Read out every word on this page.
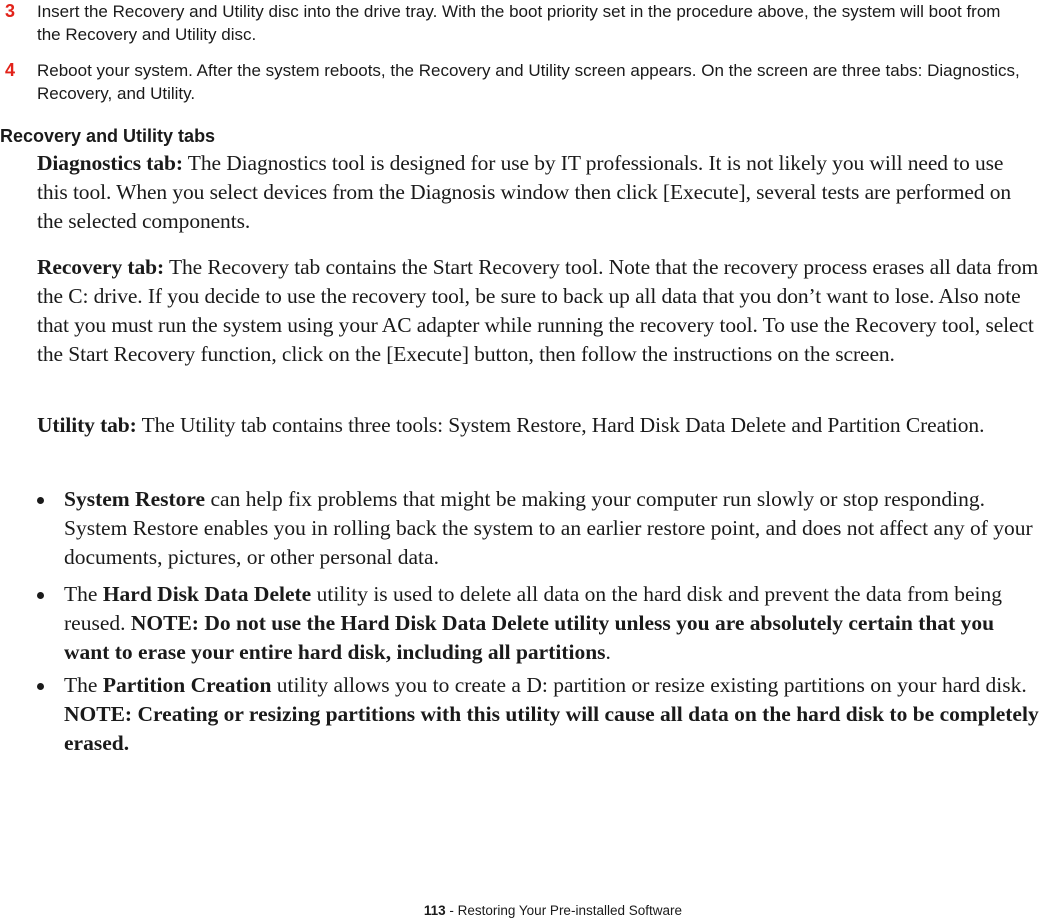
3 Insert the Recovery and Utility disc into the drive tray. With the boot priority set in the procedure above, the system will boot from the Recovery and Utility disc.
4 Reboot your system. After the system reboots, the Recovery and Utility screen appears. On the screen are three tabs: Diagnostics, Recovery, and Utility.
Recovery and Utility tabs
Diagnostics tab: The Diagnostics tool is designed for use by IT professionals. It is not likely you will need to use this tool. When you select devices from the Diagnosis window then click [Execute], several tests are performed on the selected components.
Recovery tab: The Recovery tab contains the Start Recovery tool. Note that the recovery process erases all data from the C: drive. If you decide to use the recovery tool, be sure to back up all data that you don’t want to lose. Also note that you must run the system using your AC adapter while running the recovery tool. To use the Recovery tool, select the Start Recovery function, click on the [Execute] button, then follow the instructions on the screen.
Utility tab: The Utility tab contains three tools: System Restore, Hard Disk Data Delete and Partition Creation.
System Restore can help fix problems that might be making your computer run slowly or stop responding. System Restore enables you in rolling back the system to an earlier restore point, and does not affect any of your documents, pictures, or other personal data.
The Hard Disk Data Delete utility is used to delete all data on the hard disk and prevent the data from being reused. NOTE: Do not use the Hard Disk Data Delete utility unless you are absolutely certain that you want to erase your entire hard disk, including all partitions.
The Partition Creation utility allows you to create a D: partition or resize existing partitions on your hard disk. NOTE: Creating or resizing partitions with this utility will cause all data on the hard disk to be completely erased.
113 - Restoring Your Pre-installed Software
